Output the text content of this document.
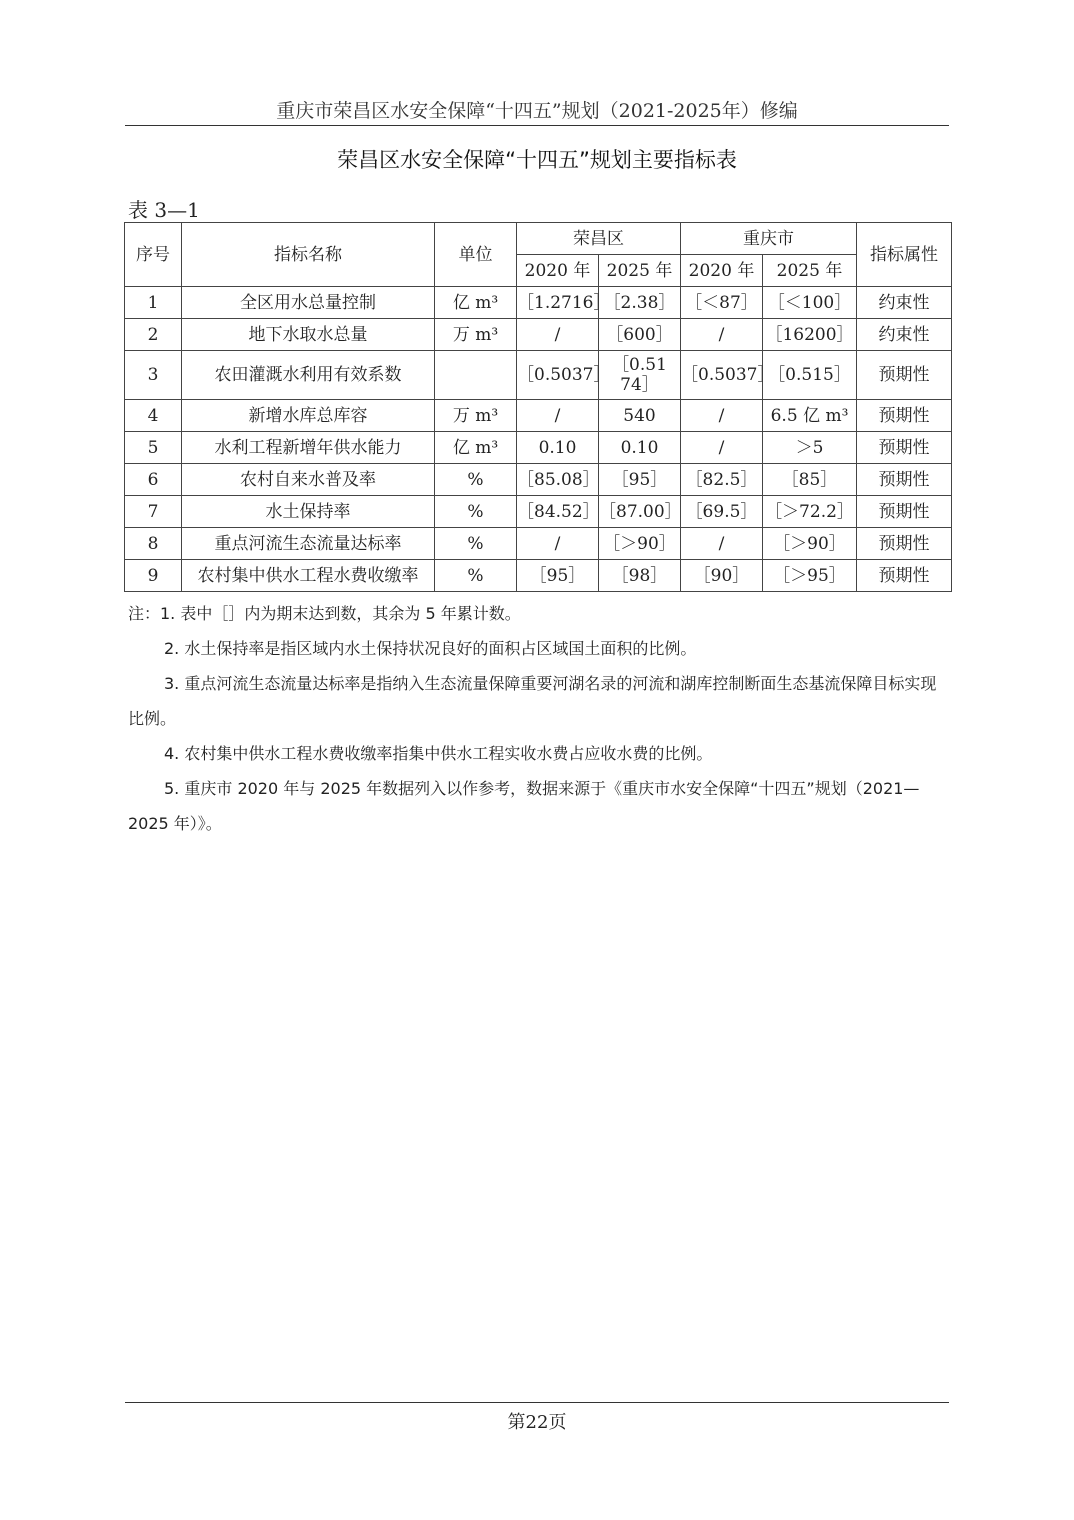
重庆市荣昌区水安全保障“十四五”规划（2021-2025年）修编
荣昌区水安全保障“十四五”规划主要指标表
表 3—1
序号	指标名称	单位	荣昌区		重庆市		指标属性
			2020 年	2025 年	2020 年	2025 年	
1	全区用水总量控制	亿 m³	［1.2716］	［2.38］	［＜87］	［＜100］	约束性
2	地下水取水总量	万 m³	/	［600］	/	［16200］	约束性
3	农田灌溉水利用有效系数		［0.5037］	［0.5174］	［0.5037］	［0.515］	预期性
4	新增水库总库容	万 m³	/	540	/	6.5 亿 m³	预期性
5	水利工程新增年供水能力	亿 m³	0.10	0.10	/	＞5	预期性
6	农村自来水普及率	%	［85.08］	［95］	［82.5］	［85］	预期性
7	水土保持率	%	［84.52］	［87.00］	［69.5］	［＞72.2］	预期性
8	重点河流生态流量达标率	%	/	［＞90］	/	［＞90］	预期性
9	农村集中供水工程水费收缴率	%	［95］	［98］	［90］	［＞95］	预期性

注：1. 表中［］内为期末达到数，其余为 5 年累计数。

2. 水土保持率是指区域内水土保持状况良好的面积占区域国土面积的比例。

3. 重点河流生态流量达标率是指纳入生态流量保障重要河湖名录的河流和湖库控制断面生态基流保障目标实现比例。

4. 农村集中供水工程水费收缴率指集中供水工程实收水费占应收水费的比例。

5. 重庆市 2020 年与 2025 年数据列入以作参考，数据来源于《重庆市水安全保障“十四五”规划（2021—2025 年）》。

第22页
